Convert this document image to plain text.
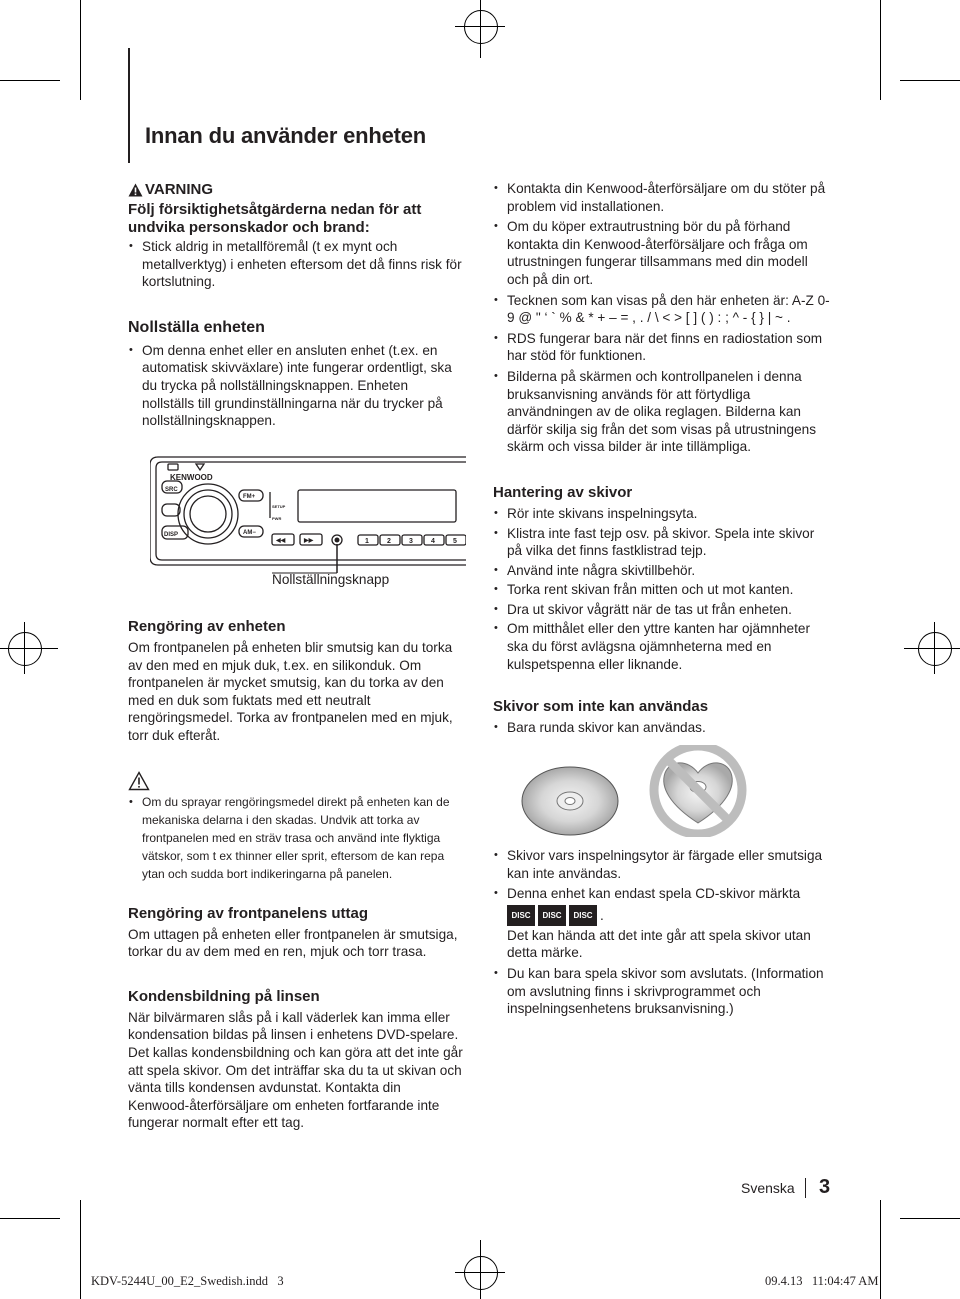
Innan du använder enheten
VARNING

Följ försiktighetsåtgärderna nedan för att undvika personskador och brand:

• Stick aldrig in metallföremål (t ex mynt och metallverktyg) i enheten eftersom det då finns risk för kortslutning.

Nollställa enheten

• Om denna enhet eller en ansluten enhet (t.ex. en automatisk skivväxlare) inte fungerar ordentligt, ska du trycka på nollställningsknappen. Enheten nollställs till grundinställningarna när du trycker på nollställningsknappen.
KENWOOD
SRC
DISP
FM+
AM−
SETUP
PWR
◀◀	▶▶	1	2	3	4	5
Nollställningsknapp

Rengöring av enheten

Om frontpanelen på enheten blir smutsig kan du torka av den med en mjuk duk, t.ex. en silikonduk. Om frontpanelen är mycket smutsig, kan du torka av den med en duk som fuktats med ett neutralt rengöringsmedel. Torka av frontpanelen med en mjuk, torr duk efteråt.

• Om du sprayar rengöringsmedel direkt på enheten kan de mekaniska delarna i den skadas. Undvik att torka av frontpanelen med en sträv trasa och använd inte flyktiga vätskor, som t ex thinner eller sprit, eftersom de kan repa ytan och sudda bort indikeringarna på panelen.

Rengöring av frontpanelens uttag

Om uttagen på enheten eller frontpanelen är smutsiga, torkar du av dem med en ren, mjuk och torr trasa.

Kondensbildning på linsen

När bilvärmaren slås på i kall väderlek kan imma eller kondensation bildas på linsen i enhetens DVD-spelare. Det kallas kondensbildning och kan göra att det inte går att spela skivor. Om det inträffar ska du ta ut skivan och vänta tills kondensen avdunstat. Kontakta din Kenwood-återförsäljare om enheten fortfarande inte fungerar normalt efter ett tag.

• Kontakta din Kenwood-återförsäljare om du stöter på problem vid installationen.
• Om du köper extrautrustning bör du på förhand kontakta din Kenwood-återförsäljare och fråga om utrustningen fungerar tillsammans med din modell och på din ort.
• Tecknen som kan visas på den här enheten är: A-Z 0-9 @ " ‘ ` % & * + – = , . / \ < > [ ] ( ) : ; ^ - { } | ~ .
• RDS fungerar bara när det finns en radiostation som har stöd för funktionen.
• Bilderna på skärmen och kontrollpanelen i denna bruksanvisning används för att förtydliga användningen av de olika reglagen. Bilderna kan därför skilja sig från det som visas på utrustningens skärm och vissa bilder är inte tillämpliga.

Hantering av skivor

• Rör inte skivans inspelningsyta.
• Klistra inte fast tejp osv. på skivor. Spela inte skivor på vilka det finns fastklistrad tejp.
• Använd inte några skivtillbehör.
• Torka rent skivan från mitten och ut mot kanten.
• Dra ut skivor vågrätt när de tas ut från enheten.
• Om mitthålet eller den yttre kanten har ojämnheter ska du först avlägsna ojämnheterna med en kulspetspenna eller liknande.

Skivor som inte kan användas

• Bara runda skivor kan användas.
• Skivor vars inspelningsytor är färgade eller smutsiga kan inte användas.
• Denna enhet kan endast spela CD-skivor märkta
DISC	DISC	DISC .
Det kan hända att det inte går att spela skivor utan detta märke.
• Du kan bara spela skivor som avslutats. (Information om avslutning finns i skrivprogrammet och inspelningsenhetens bruksanvisning.)
Svenska 3
KDV-5244U_00_E2_Swedish.indd   3	09.4.13   11:04:47 AM
